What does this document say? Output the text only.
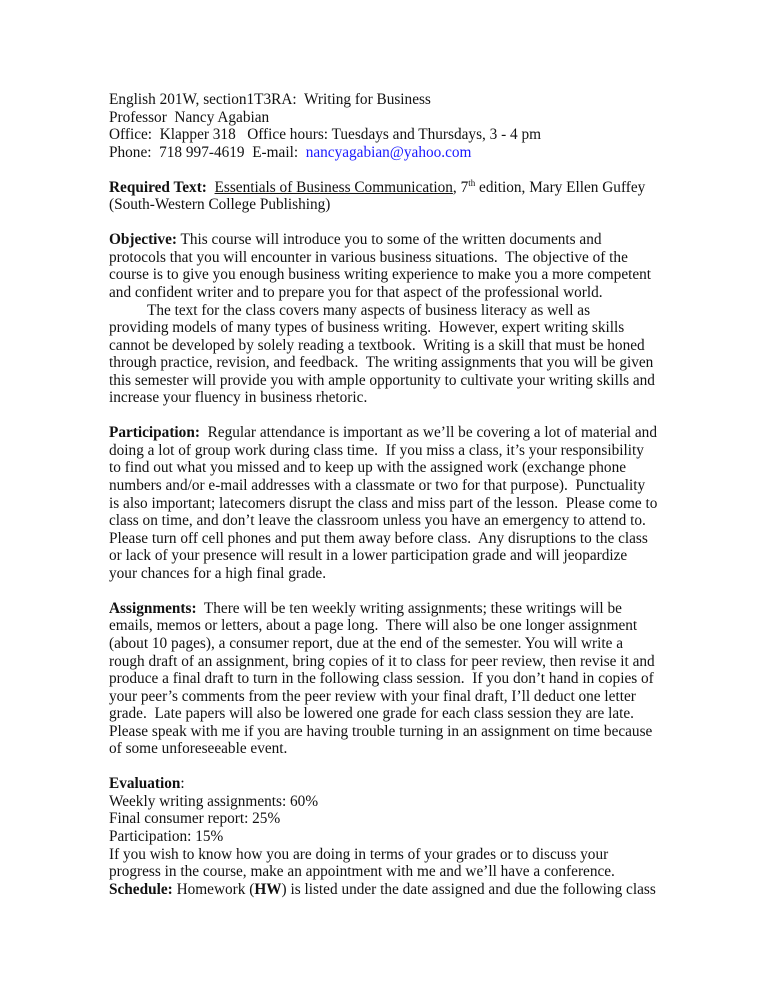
English 201W, section1T3RA:  Writing for Business
Professor  Nancy Agabian
Office:  Klapper 318   Office hours: Tuesdays and Thursdays, 3 - 4 pm
Phone:  718 997-4619  E-mail:  nancyagabian@yahoo.com
Required Text: Essentials of Business Communication, 7th edition, Mary Ellen Guffey
(South-Western College Publishing)
Objective: This course will introduce you to some of the written documents and
protocols that you will encounter in various business situations.  The objective of the
course is to give you enough business writing experience to make you a more competent
and confident writer and to prepare you for that aspect of the professional world.
The text for the class covers many aspects of business literacy as well as
providing models of many types of business writing.  However, expert writing skills
cannot be developed by solely reading a textbook.  Writing is a skill that must be honed
through practice, revision, and feedback.  The writing assignments that you will be given
this semester will provide you with ample opportunity to cultivate your writing skills and
increase your fluency in business rhetoric.
Participation:  Regular attendance is important as we’ll be covering a lot of material and
doing a lot of group work during class time.  If you miss a class, it’s your responsibility
to find out what you missed and to keep up with the assigned work (exchange phone
numbers and/or e-mail addresses with a classmate or two for that purpose).  Punctuality
is also important; latecomers disrupt the class and miss part of the lesson.  Please come to
class on time, and don’t leave the classroom unless you have an emergency to attend to.
Please turn off cell phones and put them away before class.  Any disruptions to the class
or lack of your presence will result in a lower participation grade and will jeopardize
your chances for a high final grade.
Assignments:  There will be ten weekly writing assignments; these writings will be
emails, memos or letters, about a page long.  There will also be one longer assignment
(about 10 pages), a consumer report, due at the end of the semester. You will write a
rough draft of an assignment, bring copies of it to class for peer review, then revise it and
produce a final draft to turn in the following class session.  If you don’t hand in copies of
your peer’s comments from the peer review with your final draft, I’ll deduct one letter
grade.  Late papers will also be lowered one grade for each class session they are late.
Please speak with me if you are having trouble turning in an assignment on time because
of some unforeseeable event.
Evaluation:
Weekly writing assignments: 60%
Final consumer report: 25%
Participation: 15%
If you wish to know how you are doing in terms of your grades or to discuss your
progress in the course, make an appointment with me and we’ll have a conference.
Schedule: Homework (HW) is listed under the date assigned and due the following class
